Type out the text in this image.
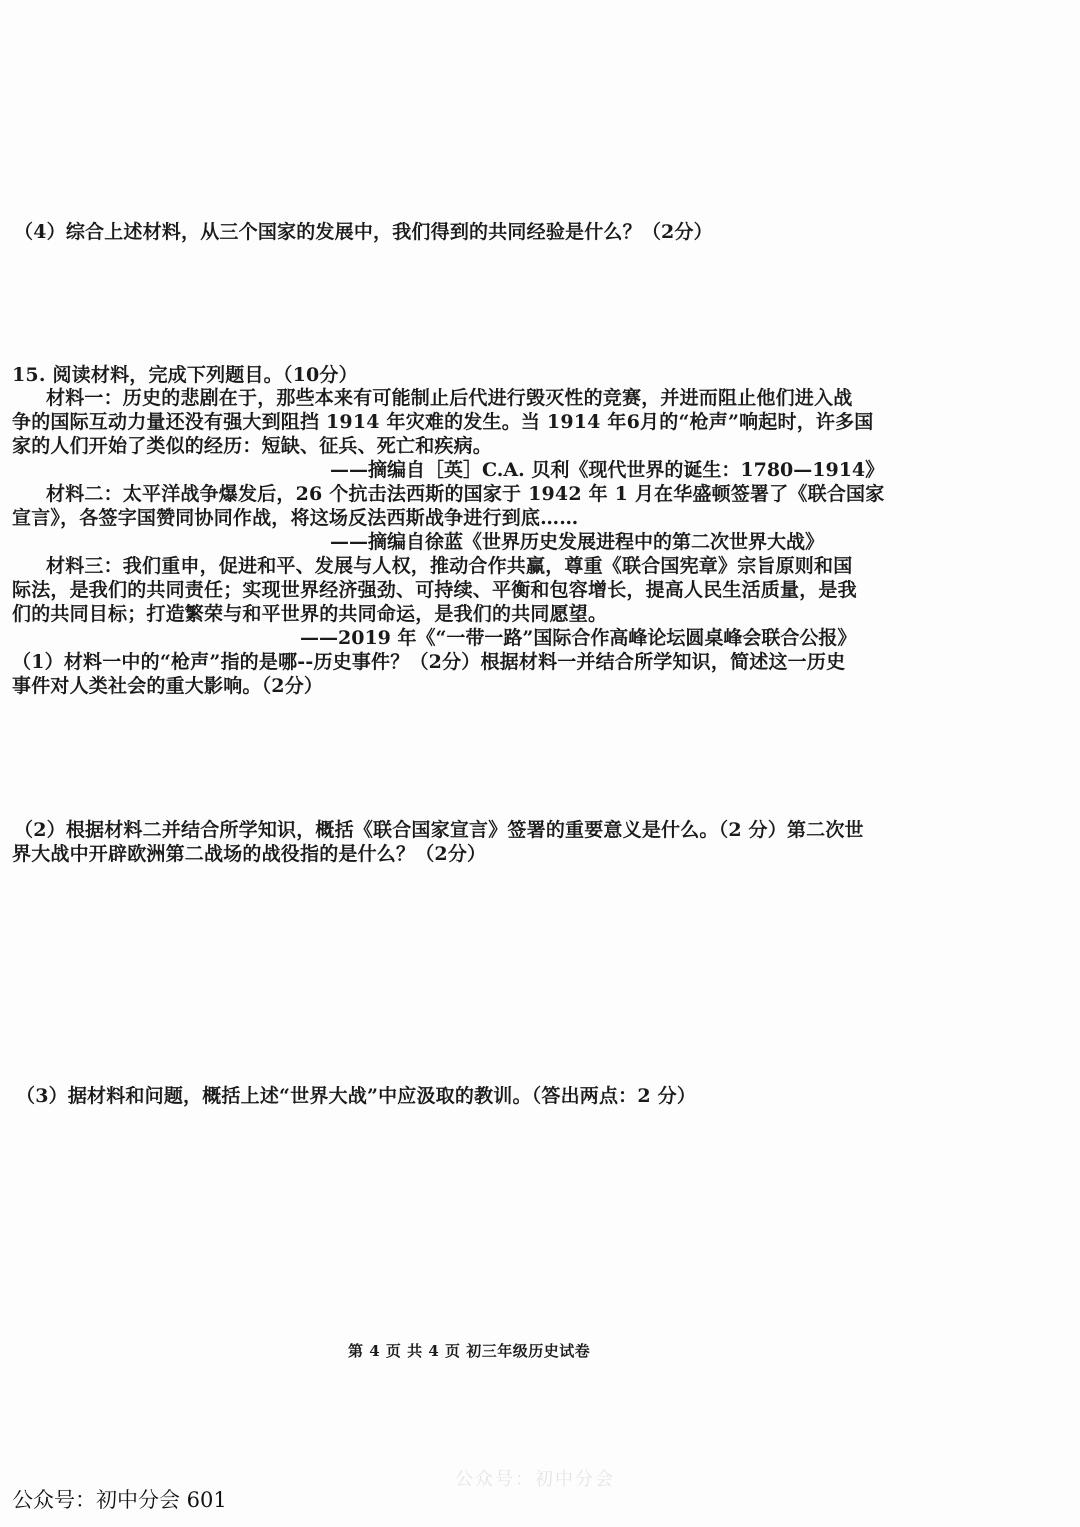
（4）综合上述材料，从三个国家的发展中，我们得到的共同经验是什么？（2分）
15. 阅读材料，完成下列题目。（10分）
材料一：历史的悲剧在于，那些本来有可能制止后代进行毁灭性的竞赛，并进而阻止他们进入战
争的国际互动力量还没有强大到阻挡 1914 年灾难的发生。当 1914 年6月的“枪声”响起时，许多国
家的人们开始了类似的经历：短缺、征兵、死亡和疾病。
——摘编自［英］C.A. 贝利《现代世界的诞生：1780—1914》
材料二：太平洋战争爆发后，26 个抗击法西斯的国家于 1942 年 1 月在华盛顿签署了《联合国家
宣言》，各签字国赞同协同作战，将这场反法西斯战争进行到底……
——摘编自徐蓝《世界历史发展进程中的第二次世界大战》
材料三：我们重申，促进和平、发展与人权，推动合作共赢，尊重《联合国宪章》宗旨原则和国
际法，是我们的共同责任；实现世界经济强劲、可持续、平衡和包容增长，提高人民生活质量，是我
们的共同目标；打造繁荣与和平世界的共同命运，是我们的共同愿望。
——2019 年《“一带一路”国际合作高峰论坛圆桌峰会联合公报》
（1）材料一中的“枪声”指的是哪--历史事件？（2分）根据材料一并结合所学知识，简述这一历史
事件对人类社会的重大影响。（2分）
（2）根据材料二并结合所学知识，概括《联合国家宣言》签署的重要意义是什么。（2 分）第二次世
界大战中开辟欧洲第二战场的战役指的是什么？（2分）
（3）据材料和问题，概括上述“世界大战”中应汲取的教训。（答出两点：2 分）
第 4 页 共 4 页 初三年级历史试卷
公众号：初中分会
公众号：初中分会 601
